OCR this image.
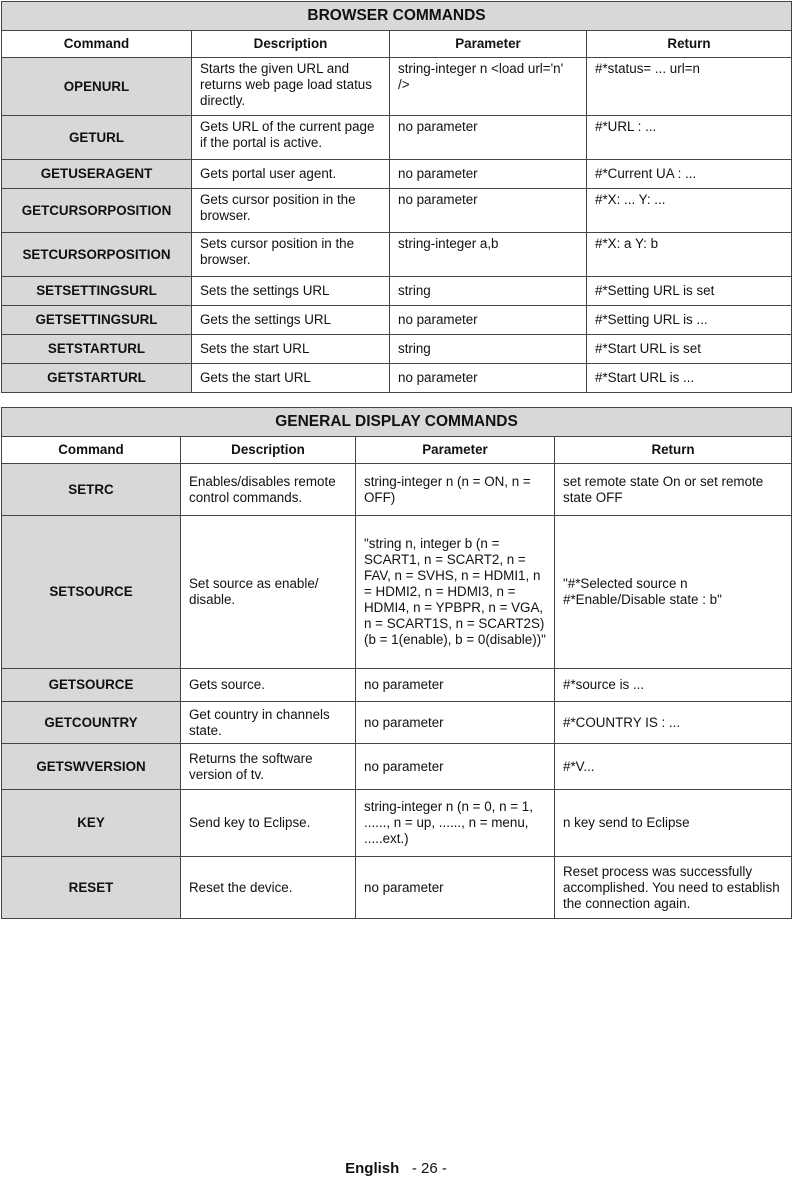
BROWSER COMMANDS			
Command	Description	Parameter	Return
OPENURL	Starts the given URL and returns web page load status directly.	string-integer n <load url='n' />	#*status= ... url=n
GETURL	Gets URL of the current page if the portal is active.	no parameter	#*URL : ...
GETUSERAGENT	Gets portal user agent.	no parameter	#*Current UA : ...
GETCURSORPOSITION	Gets cursor position in the browser.	no parameter	#*X: ... Y: ...
SETCURSORPOSITION	Sets cursor position in the browser.	string-integer a,b	#*X: a Y: b
SETSETTINGSURL	Sets the settings URL	string	#*Setting URL is set
GETSETTINGSURL	Gets the settings URL	no parameter	#*Setting URL is ...
SETSTARTURL	Sets the start URL	string	#*Start URL is set
GETSTARTURL	Gets the start URL	no parameter	#*Start URL is ...
GENERAL DISPLAY COMMANDS			
Command	Description	Parameter	Return
SETRC	Enables/disables remote control commands.	string-integer n (n = ON, n = OFF)	set remote state On or set remote state OFF
SETSOURCE	Set source as enable/ disable.	"string n, integer b (n = SCART1, n = SCART2, n = FAV, n = SVHS, n = HDMI1, n = HDMI2, n = HDMI3, n = HDMI4, n = YPBPR, n = VGA, n = SCART1S, n = SCART2S) (b = 1(enable), b = 0(disable))"	"#*Selected source n #*Enable/Disable state : b"
GETSOURCE	Gets source.	no parameter	#*source is ...
GETCOUNTRY	Get country in channels state.	no parameter	#*COUNTRY IS : ...
GETSWVERSION	Returns the software version of tv.	no parameter	#*V...
KEY	Send key to Eclipse.	string-integer n (n = 0, n = 1, ......, n = up, ......, n = menu, .....ext.)	n key send to Eclipse
RESET	Reset the device.	no parameter	Reset process was successfully accomplished. You need to establish the connection again.
English - 26 -
